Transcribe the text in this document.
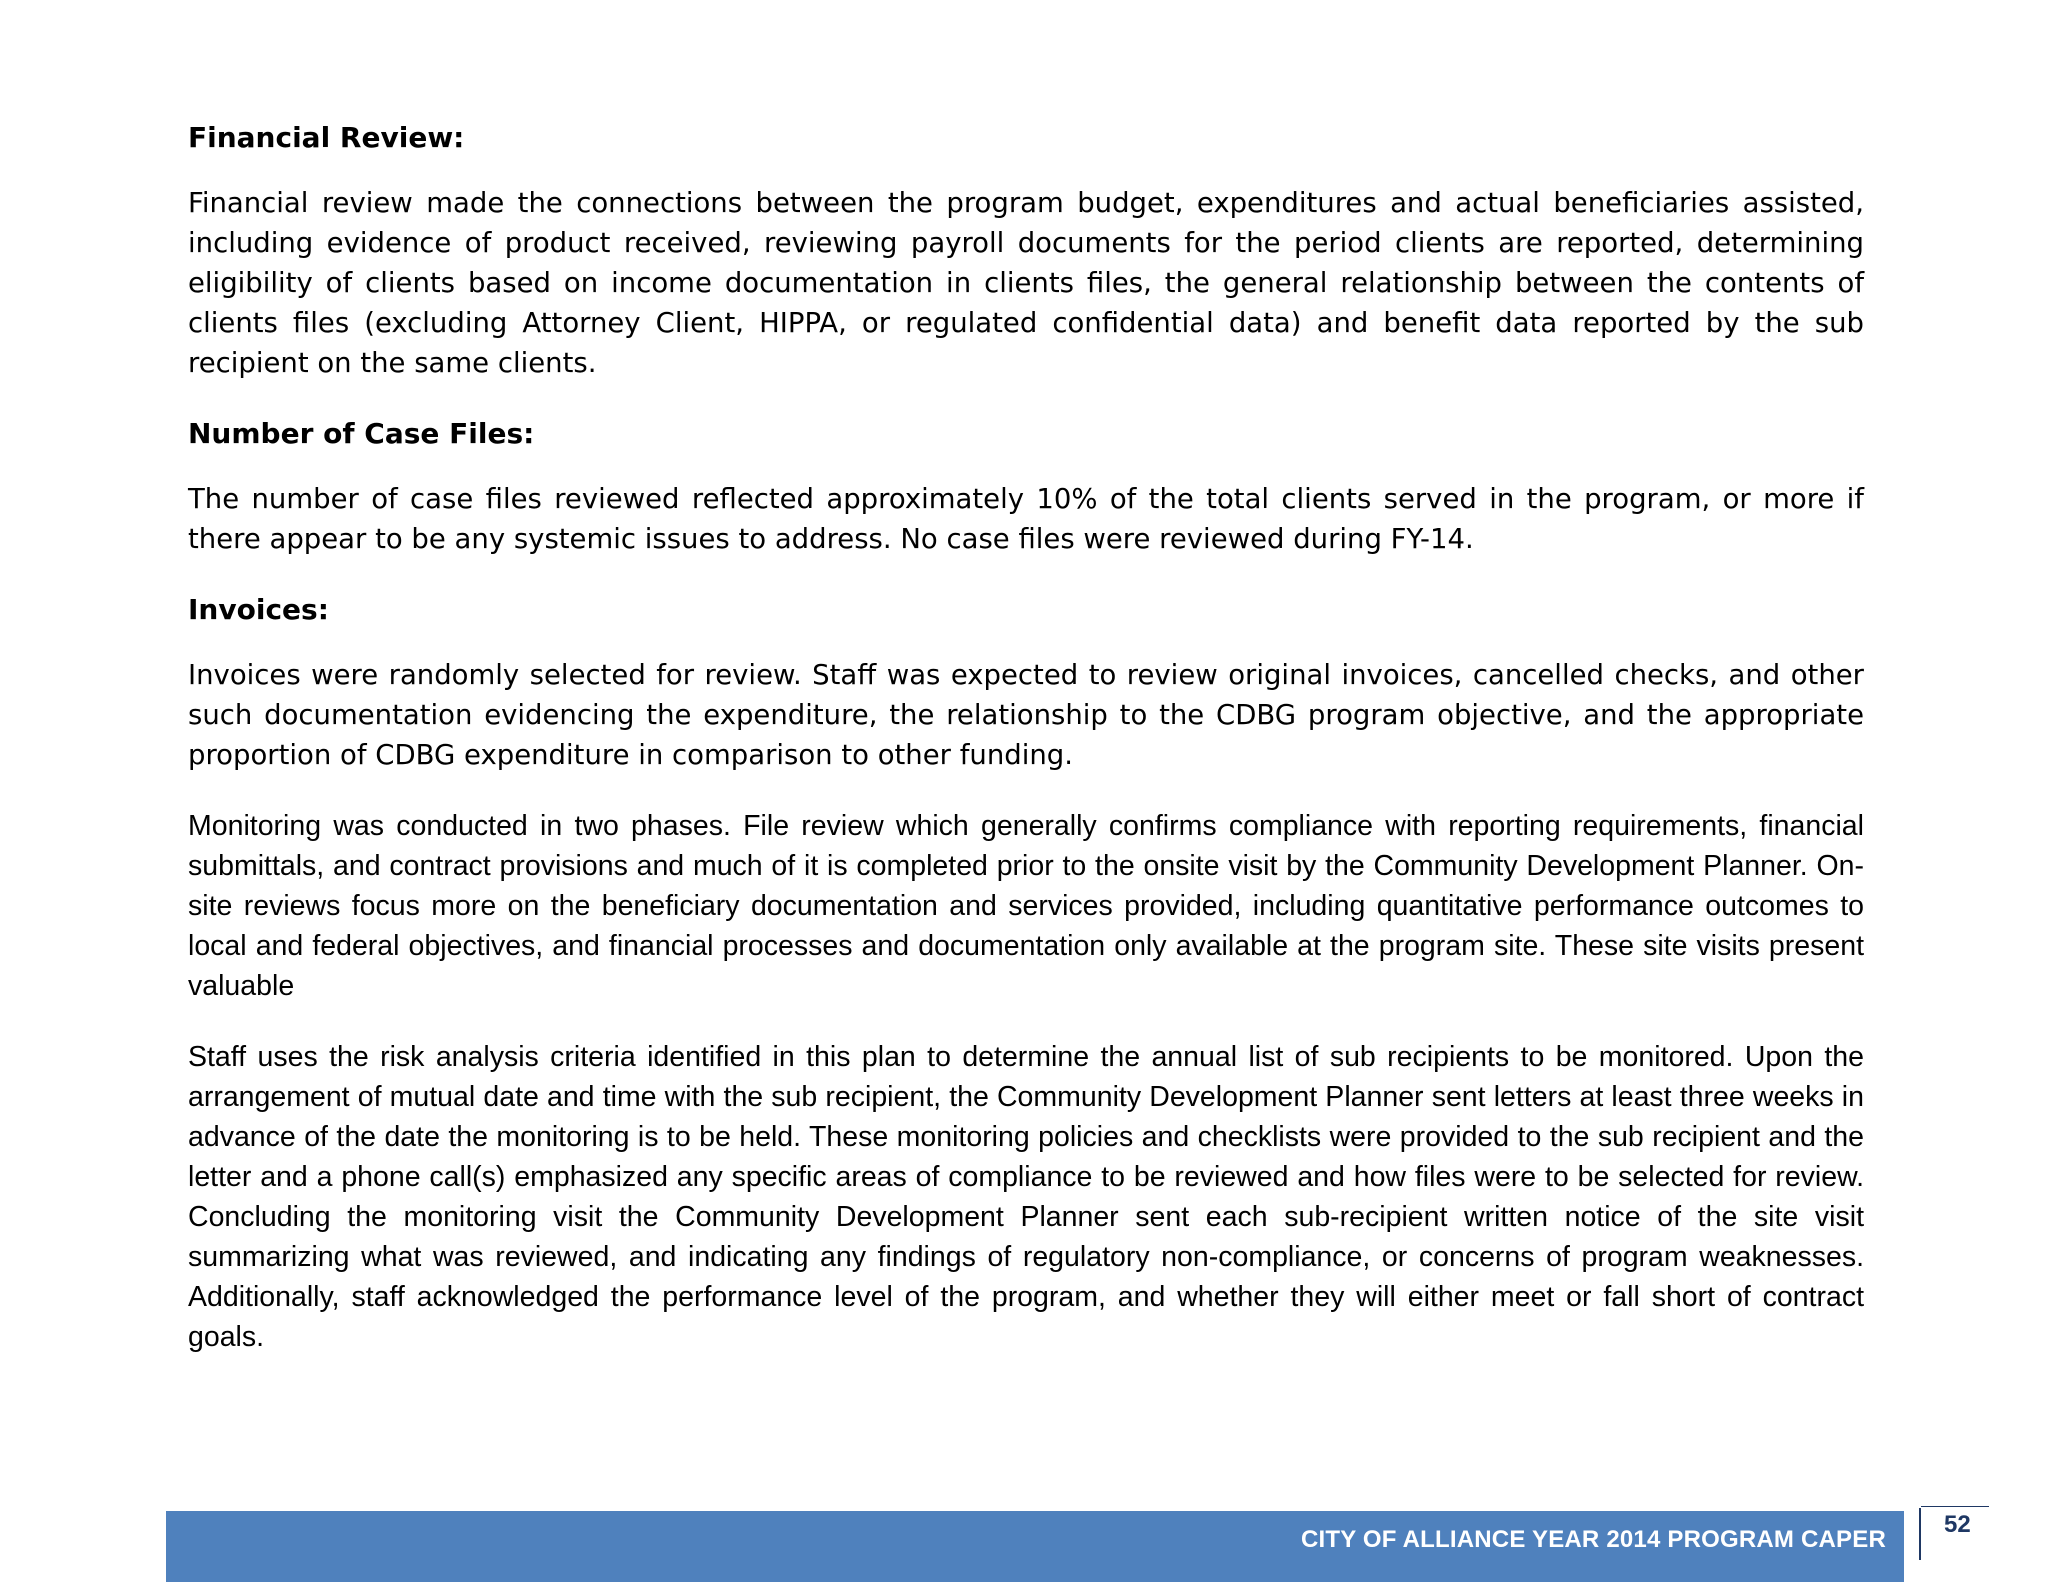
Financial Review:
Financial review made the connections between the program budget, expenditures and actual beneficiaries assisted, including evidence of product received, reviewing payroll documents for the period clients are reported, determining eligibility of clients based on income documentation in clients files, the general relationship between the contents of clients files (excluding Attorney Client, HIPPA, or regulated confidential data) and benefit data reported by the sub recipient on the same clients.
Number of Case Files:
The number of case files reviewed reflected approximately 10% of the total clients served in the program, or more if there appear to be any systemic issues to address. No case files were reviewed during FY-14.
Invoices:
Invoices were randomly selected for review. Staff was expected to review original invoices, cancelled checks, and other such documentation evidencing the expenditure, the relationship to the CDBG program objective, and the appropriate proportion of CDBG expenditure in comparison to other funding.
Monitoring was conducted in two phases. File review which generally confirms compliance with reporting requirements, financial submittals, and contract provisions and much of it is completed prior to the onsite visit by the Community Development Planner. On-site reviews focus more on the beneficiary documentation and services provided, including quantitative performance outcomes to local and federal objectives, and financial processes and documentation only available at the program site. These site visits present valuable
Staff uses the risk analysis criteria identified in this plan to determine the annual list of sub recipients to be monitored. Upon the arrangement of mutual date and time with the sub recipient, the Community Development Planner sent letters at least three weeks in advance of the date the monitoring is to be held. These monitoring policies and checklists were provided to the sub recipient and the letter and a phone call(s) emphasized any specific areas of compliance to be reviewed and how files were to be selected for review. Concluding the monitoring visit the Community Development Planner sent each sub-recipient written notice of the site visit summarizing what was reviewed, and indicating any findings of regulatory non-compliance, or concerns of program weaknesses. Additionally, staff acknowledged the performance level of the program, and whether they will either meet or fall short of contract goals.
CITY OF ALLIANCE YEAR 2014 PROGRAM CAPER
52
